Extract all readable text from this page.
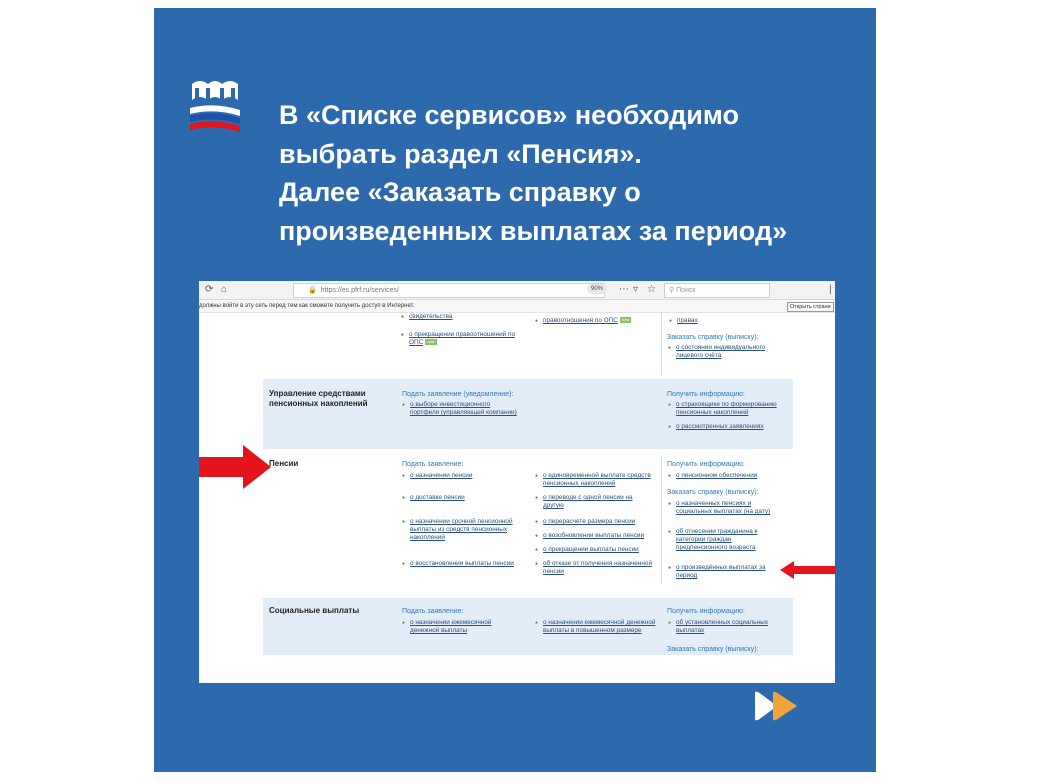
В «Списке сервисов» необходимо
выбрать раздел «Пенсия».
Далее «Заказать справку о
произведенных выплатах за период»
⟳ ⌂	🔒 https://es.pfrf.ru/services/	90%	⋯ ▿ ☆	⚲ Поиск	|
должны войти в эту сеть перед тем как сможете получить доступ в Интернет.	Открыть страни
● свидетельства
● о прекращении правоотношений по ОПС new
● правоотношения по ОПС new
●	правах
Заказать справку (выписку):
● о состоянии индивидуального лицевого счёта
Управление средствами пенсионных накоплений
Подать заявление (уведомление):
● о выборе инвестиционного портфеля (управляющей компании)
Получить информацию:
● о страховщике по формированию пенсионных накоплений
● о рассмотренных заявлениях
Пенсии	Подать заявление:
● о назначении пенсии
● о доставке пенсии
● о назначении срочной пенсионной выплаты из средств пенсионных накоплений
● о восстановлении выплаты пенсии
● о единовременной выплате средств пенсионных накоплений
● о переводе с одной пенсии на другую
● о перерасчете размера пенсии
● о возобновлении выплаты пенсии
● о прекращении выплаты пенсии
● об отказе от получения назначенной пенсии
Получить информацию:
● о пенсионном обеспечении
Заказать справку (выписку):
● о назначенных пенсиях и социальных выплатах (на дату)
● об отнесении гражданина к категории граждан предпенсионного возраста
● о произведённых выплатах за период
Социальные выплаты	Подать заявление:
● о назначении ежемесячной денежной выплаты
● о назначении ежемесячной денежной выплаты в повышенном размере
Получить информацию:
● об установленных социальных выплатах
Заказать справку (выписку):
